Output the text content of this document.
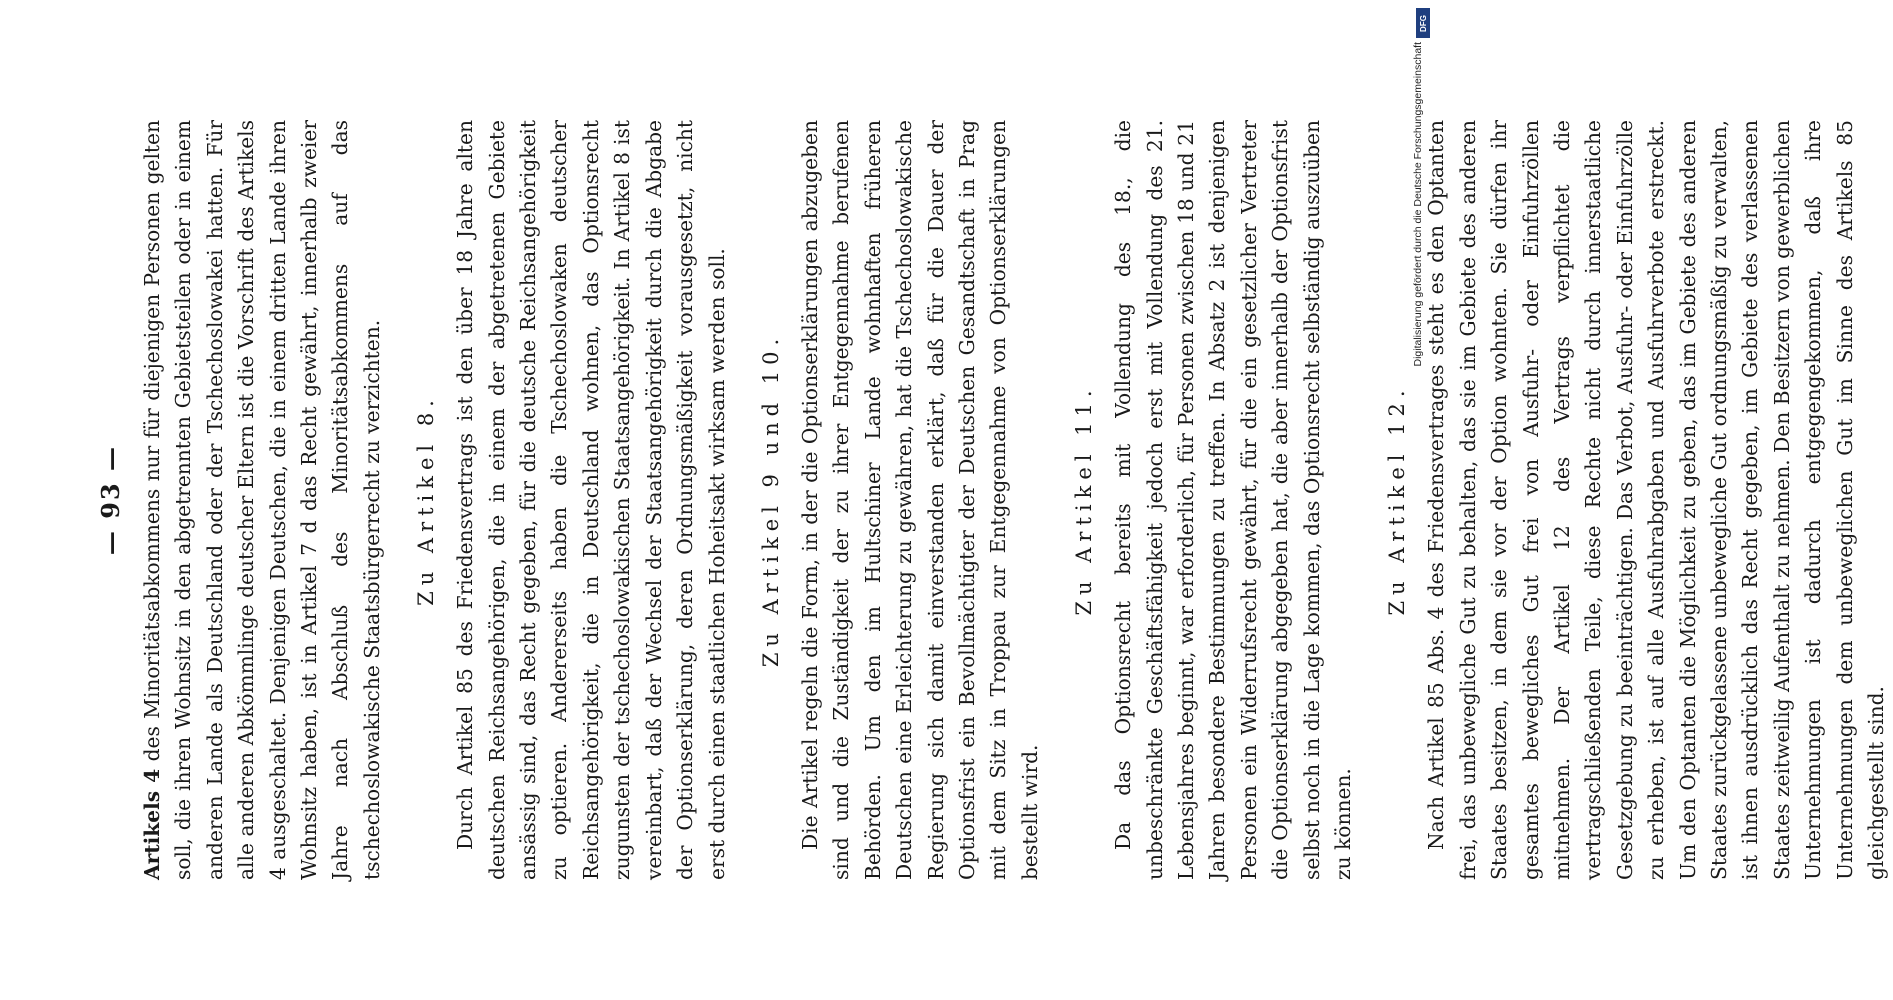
— 93 —

Artikels 4 des Minoritätsabkommens nur für diejenigen Personen gelten soll, die ihren Wohnsitz in den abgetrennten Gebietsteilen oder in einem anderen Lande als Deutschland oder der Tschechoslowakei hatten. Für alle anderen Abkömmlinge deutscher Eltern ist die Vorschrift des Artikels 4 ausgeschaltet. Denjenigen Deutschen, die in einem dritten Lande ihren Wohnsitz haben, ist in Artikel 7 d das Recht gewährt, innerhalb zweier Jahre nach Abschluß des Minoritätsabkommens auf das tschechoslowakische Staatsbürgerrecht zu verzichten. Zu Artikel 8. Durch Artikel 85 des Friedensvertrags ist den über 18 Jahre alten deutschen Reichsangehörigen, die in einem der abgetretenen Gebiete ansässig sind, das Recht gegeben, für die deutsche Reichsangehörigkeit zu optieren. Andererseits haben die Tschechoslowaken deutscher Reichsangehörigkeit, die in Deutschland wohnen, das Optionsrecht zugunsten der tschechoslowakischen Staatsangehörigkeit. In Artikel 8 ist vereinbart, daß der Wechsel der Staatsangehörigkeit durch die Abgabe der Optionserklärung, deren Ordnungsmäßigkeit vorausgesetzt, nicht erst durch einen staatlichen Hoheitsakt wirksam werden soll. Zu Artikel 9 und 10. Die Artikel regeln die Form, in der die Optionserklärungen abzugeben sind und die Zuständigkeit der zu ihrer Entgegennahme berufenen Behörden. Um den im Hultschiner Lande wohnhaften früheren Deutschen eine Erleichterung zu gewähren, hat die Tschechoslowakische Regierung sich damit einverstanden erklärt, daß für die Dauer der Optionsfrist ein Bevollmächtigter der Deutschen Gesandtschaft in Prag mit dem Sitz in Troppau zur Entgegennahme von Optionserklärungen bestellt wird.

Zu Artikel 11. Da das Optionsrecht bereits mit Vollendung des 18., die unbeschränkte Geschäftsfähigkeit jedoch erst mit Vollendung des 21. Lebensjahres beginnt, war erforderlich, für Personen zwischen 18 und 21 Jahren besondere Bestimmungen zu treffen. In Absatz 2 ist denjenigen Personen ein Widerrufsrecht gewährt, für die ein gesetzlicher Vertreter die Optionserklärung abgegeben hat, die aber innerhalb der Optionsfrist selbst noch in die Lage kommen, das Optionsrecht selbständig auszuüben zu können.

Zu Artikel 12. Nach Artikel 85 Abs. 4 des Friedensvertrages steht es den Optanten frei, das unbewegliche Gut zu behalten, das sie im Gebiete des anderen Staates besitzen, in dem sie vor der Option wohnten. Sie dürfen ihr gesamtes bewegliches Gut frei von Ausfuhr- oder Einfuhrzöllen mitnehmen. Der Artikel 12 des Vertrags verpflichtet die vertragschließenden Teile, diese Rechte nicht durch innerstaatliche Gesetzgebung zu beeinträchtigen. Das Verbot, Ausfuhr- oder Einfuhrzölle zu erheben, ist auf alle Ausfuhrabgaben und Ausfuhrverbote erstreckt. Um den Optanten die Möglichkeit zu geben, das im Gebiete des anderen Staates zurückgelassene unbewegliche Gut ordnungsmäßig zu verwalten, ist ihnen ausdrücklich das Recht gegeben, im Gebiete des verlassenen Staates zeitweilig Aufenthalt zu nehmen. Den Besitzern von gewerblichen Unternehmungen ist dadurch entgegengekommen, daß ihre Unternehmungen dem unbeweglichen Gut im Sinne des Artikels 85 gleichgestellt sind.

DFG
Digitalisierung gefördert durch die Deutsche Forschungsgemeinschaft
